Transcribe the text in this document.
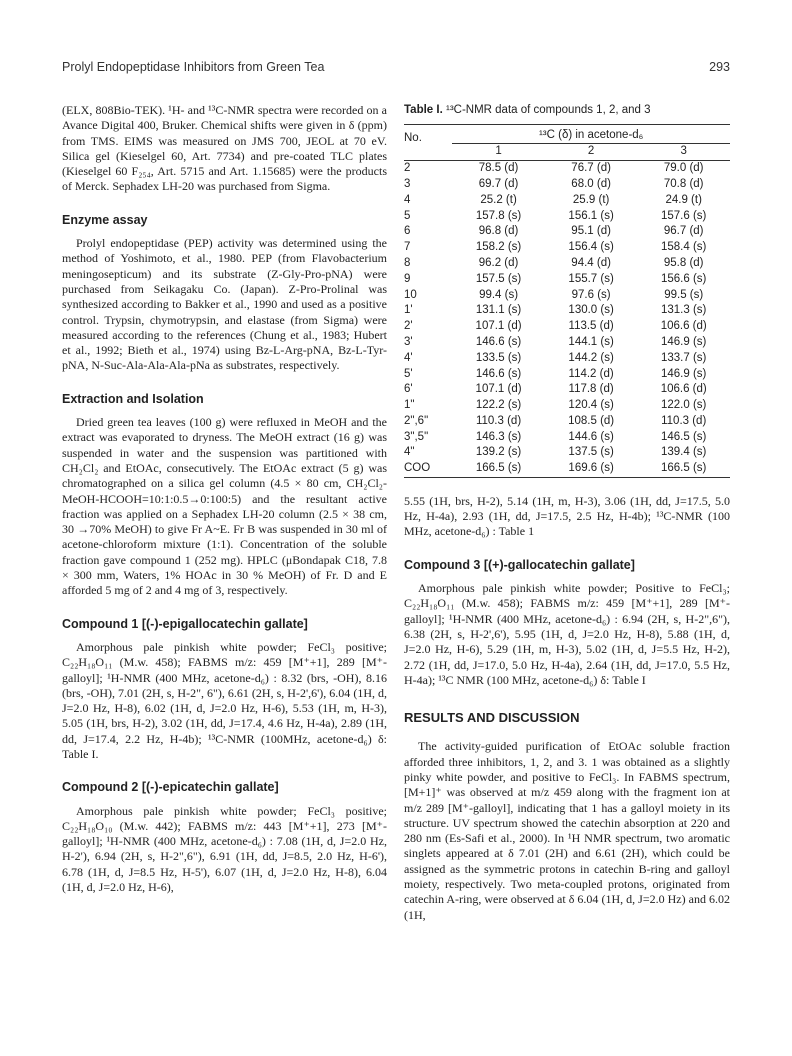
Prolyl Endopeptidase Inhibitors from Green Tea	293

(ELX, 808Bio-TEK). ¹H- and ¹³C-NMR spectra were recorded on a Avance Digital 400, Bruker. Chemical shifts were given in δ (ppm) from TMS. EIMS was measured on JMS 700, JEOL at 70 eV. Silica gel (Kieselgel 60, Art. 7734) and pre-coated TLC plates (Kieselgel 60 F₂₅₄, Art. 5715 and Art. 1.15685) were the products of Merck. Sephadex LH-20 was purchased from Sigma.

Enzyme assay

Prolyl endopeptidase (PEP) activity was determined using the method of Yoshimoto, et al., 1980. PEP (from Flavobacterium meningosepticum) and its substrate (Z-Gly-Pro-pNA) were purchased from Seikagaku Co. (Japan). Z-Pro-Prolinal was synthesized according to Bakker et al., 1990 and used as a positive control. Trypsin, chymotrypsin, and elastase (from Sigma) were measured according to the references (Chung et al., 1983; Hubert et al., 1992; Bieth et al., 1974) using Bz-L-Arg-pNA, Bz-L-Tyr-pNA, N-Suc-Ala-Ala-Ala-pNa as substrates, respectively.

Extraction and Isolation

Dried green tea leaves (100 g) were refluxed in MeOH and the extract was evaporated to dryness. The MeOH extract (16 g) was suspended in water and the suspension was partitioned with CH₂Cl₂ and EtOAc, consecutively. The EtOAc extract (5 g) was chromatographed on a silica gel column (4.5 × 80 cm, CH₂Cl₂-MeOH-HCOOH=10:1:0.5→0:100:5) and the resultant active fraction was applied on a Sephadex LH-20 column (2.5 × 38 cm, 30 →70% MeOH) to give Fr A~E. Fr B was suspended in 30 ml of acetone-chloroform mixture (1:1). Concentration of the soluble fraction gave compound 1 (252 mg). HPLC (μBondapak C18, 7.8 × 300 mm, Waters, 1% HOAc in 30 % MeOH) of Fr. D and E afforded 5 mg of 2 and 4 mg of 3, respectively.

Compound 1 [(-)-epigallocatechin gallate]

Amorphous pale pinkish white powder; FeCl₃ positive; C₂₂H₁₈O₁₁ (M.w. 458); FABMS m/z: 459 [M⁺+1], 289 [M⁺-galloyl]; ¹H-NMR (400 MHz, acetone-d₆) : 8.32 (brs, -OH), 8.16 (brs, -OH), 7.01 (2H, s, H-2", 6"), 6.61 (2H, s, H-2',6'), 6.04 (1H, d, J=2.0 Hz, H-8), 6.02 (1H, d, J=2.0 Hz, H-6), 5.53 (1H, m, H-3), 5.05 (1H, brs, H-2), 3.02 (1H, dd, J=17.4, 4.6 Hz, H-4a), 2.89 (1H, dd, J=17.4, 2.2 Hz, H-4b); ¹³C-NMR (100MHz, acetone-d₆) δ: Table I.

Compound 2 [(-)-epicatechin gallate]

Amorphous pale pinkish white powder; FeCl₃ positive; C₂₂H₁₈O₁₀ (M.w. 442); FABMS m/z: 443 [M⁺+1], 273 [M⁺-galloyl]; ¹H-NMR (400 MHz, acetone-d₆) : 7.08 (1H, d, J=2.0 Hz, H-2'), 6.94 (2H, s, H-2",6"), 6.91 (1H, dd, J=8.5, 2.0 Hz, H-6'), 6.78 (1H, d, J=8.5 Hz, H-5'), 6.07 (1H, d, J=2.0 Hz, H-8), 6.04 (1H, d, J=2.0 Hz, H-6),

Table I. ¹³C-NMR data of compounds 1, 2, and 3
No.	¹³C (δ) in acetone-d₆		
	1	2	3
2	78.5 (d)	76.7 (d)	79.0 (d)
3	69.7 (d)	68.0 (d)	70.8 (d)
4	25.2 (t)	25.9 (t)	24.9 (t)
5	157.8 (s)	156.1 (s)	157.6 (s)
6	96.8 (d)	95.1 (d)	96.7 (d)
7	158.2 (s)	156.4 (s)	158.4 (s)
8	96.2 (d)	94.4 (d)	95.8 (d)
9	157.5 (s)	155.7 (s)	156.6 (s)
10	99.4 (s)	97.6 (s)	99.5 (s)
1'	131.1 (s)	130.0 (s)	131.3 (s)
2'	107.1 (d)	113.5 (d)	106.6 (d)
3'	146.6 (s)	144.1 (s)	146.9 (s)
4'	133.5 (s)	144.2 (s)	133.7 (s)
5'	146.6 (s)	114.2 (d)	146.9 (s)
6'	107.1 (d)	117.8 (d)	106.6 (d)
1"	122.2 (s)	120.4 (s)	122.0 (s)
2",6"	110.3 (d)	108.5 (d)	110.3 (d)
3",5"	146.3 (s)	144.6 (s)	146.5 (s)
4"	139.2 (s)	137.5 (s)	139.4 (s)
COO	166.5 (s)	169.6 (s)	166.5 (s)

5.55 (1H, brs, H-2), 5.14 (1H, m, H-3), 3.06 (1H, dd, J=17.5, 5.0 Hz, H-4a), 2.93 (1H, dd, J=17.5, 2.5 Hz, H-4b); ¹³C-NMR (100 MHz, acetone-d₆) : Table 1

Compound 3 [(+)-gallocatechin gallate]

Amorphous pale pinkish white powder; Positive to FeCl₃; C₂₂H₁₈O₁₁ (M.w. 458); FABMS m/z: 459 [M⁺+1], 289 [M⁺-galloyl]; ¹H-NMR (400 MHz, acetone-d₆) : 6.94 (2H, s, H-2",6"), 6.38 (2H, s, H-2',6'), 5.95 (1H, d, J=2.0 Hz, H-8), 5.88 (1H, d, J=2.0 Hz, H-6), 5.29 (1H, m, H-3), 5.02 (1H, d, J=5.5 Hz, H-2), 2.72 (1H, dd, J=17.0, 5.0 Hz, H-4a), 2.64 (1H, dd, J=17.0, 5.5 Hz, H-4a); ¹³C NMR (100 MHz, acetone-d₆) δ: Table I

RESULTS AND DISCUSSION

The activity-guided purification of EtOAc soluble fraction afforded three inhibitors, 1, 2, and 3. 1 was obtained as a slightly pinky white powder, and positive to FeCl₃. In FABMS spectrum, [M+1]⁺ was observed at m/z 459 along with the fragment ion at m/z 289 [M⁺-galloyl], indicating that 1 has a galloyl moiety in its structure. UV spectrum showed the catechin absorption at 220 and 280 nm (Es-Safi et al., 2000). In ¹H NMR spectrum, two aromatic singlets appeared at δ 7.01 (2H) and 6.61 (2H), which could be assigned as the symmetric protons in catechin B-ring and galloyl moiety, respectively. Two meta-coupled protons, originated from catechin A-ring, were observed at δ 6.04 (1H, d, J=2.0 Hz) and 6.02 (1H,
